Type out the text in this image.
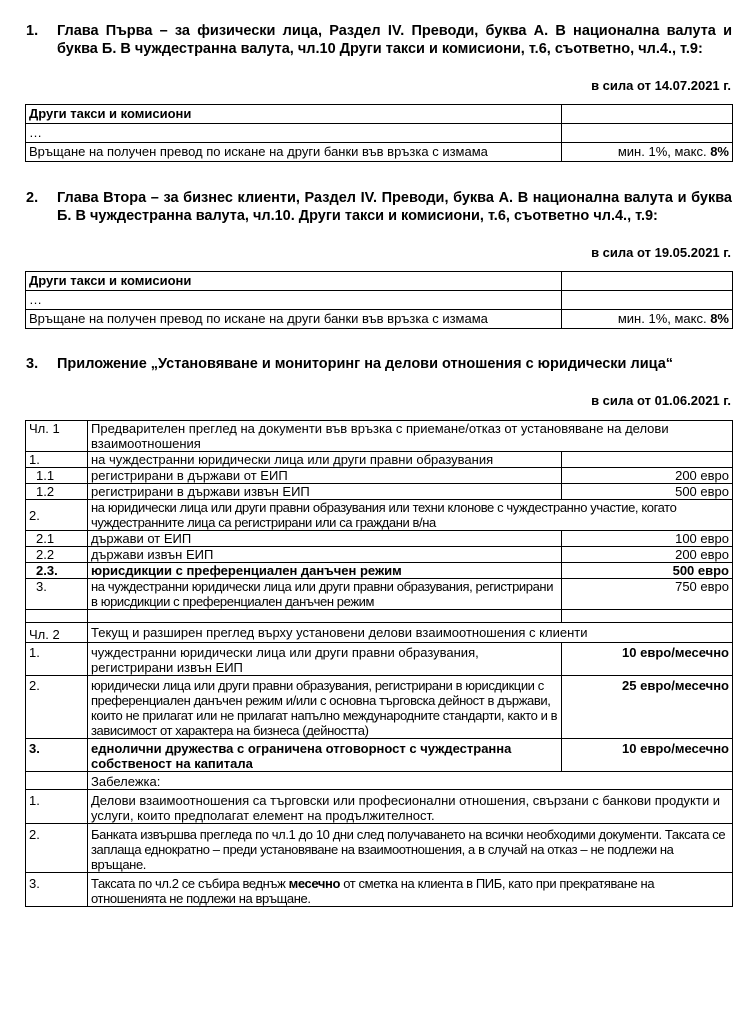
1. Глава Първа – за физически лица, Раздел IV. Преводи, буква А. В национална валута и буква Б. В чуждестранна валута, чл.10 Други такси и комисиони, т.6, съответно, чл.4., т.9:
в сила от 14.07.2021 г.
Други такси и комисиони	
…	
Връщане на получен превод по искане на други банки във връзка с измама	мин. 1%, макс. 8%
2. Глава Втора – за бизнес клиенти, Раздел IV. Преводи, буква А. В национална валута и буква Б. В чуждестранна валута, чл.10. Други такси и комисиони, т.6, съответно чл.4., т.9:
в сила от 19.05.2021 г.
Други такси и комисиони	
…	
Връщане на получен превод по искане на други банки във връзка с измама	мин. 1%, макс. 8%
3. Приложение „Установяване и мониторинг на делови отношения с юридически лица“
в сила от 01.06.2021 г.
Чл. 1	Предварителен преглед на документи във връзка с приемане/отказ от установяване на делови взаимоотношения	
1.	на чуждестранни юридически лица или други правни образувания	
1.1	регистрирани в държави от ЕИП	200 евро
1.2	регистрирани в държави извън ЕИП	500 евро
2.	на юридически лица или други правни образувания или техни клонове с чуждестранно участие, когато чуждестранните лица са регистрирани или са граждани в/на	
2.1	държави от ЕИП	100 евро
2.2	държави извън ЕИП	200 евро
2.3.	юрисдикции с преференциален данъчен режим	500 евро
3.	на чуждестранни юридически лица или други правни образувания, регистрирани в юрисдикции с преференциален данъчен режим	750 евро

Чл. 2	Текущ и разширен преглед върху установени делови взаимоотношения с клиенти	
1.	чуждестранни юридически лица или други правни образувания, регистрирани извън ЕИП	10 евро/месечно
2.	юридически лица или други правни образувания, регистрирани в юрисдикции с преференциален данъчен режим и/или с основна търговска дейност в държави, които не прилагат или не прилагат напълно международните стандарти, както и в зависимост от характера на бизнеса (дейността)	25 евро/месечно
3.	еднолични дружества с ограничена отговорност с чуждестранна собственост на капитала	10 евро/месечно
	Забележка:	
1.	Делови взаимоотношения са търговски или професионални отношения, свързани с банкови продукти и услуги, които предполагат елемент на продължителност.	
2.	Банката извършва прегледа по чл.1 до 10 дни след получаването на всички необходими документи. Таксата се заплаща еднократно – преди установяване на взаимоотношения, а в случай на отказ – не подлежи на връщане.	
3.	Таксата по чл.2 се събира веднъж месечно от сметка на клиента в ПИБ, като при прекратяване на отношенията не подлежи на връщане.	
